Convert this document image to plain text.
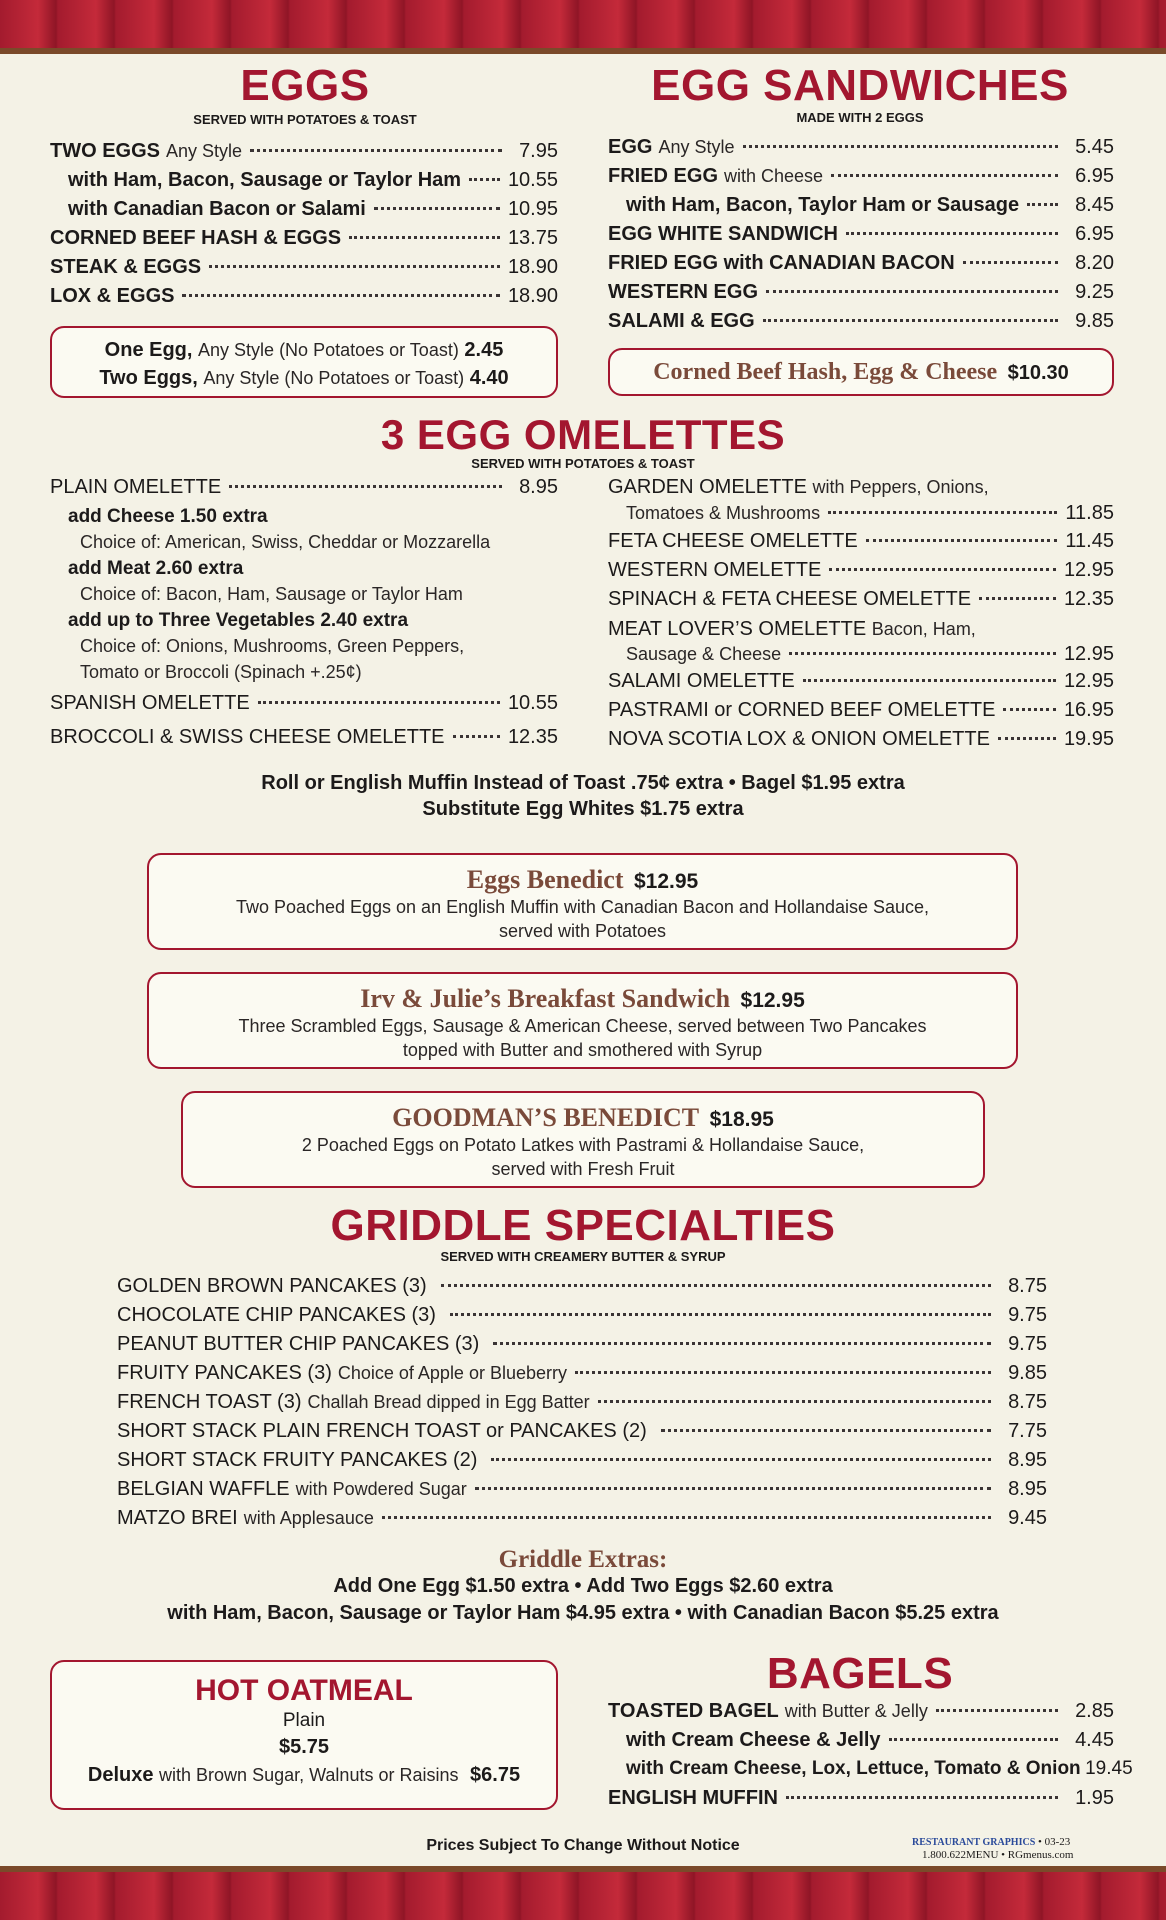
EGGS
SERVED WITH POTATOES & TOAST
TWO EGGS Any Style	7.95
with Ham, Bacon, Sausage or Taylor Ham 10.55
with Canadian Bacon or Salami	10.95
CORNED BEEF HASH & EGGS	13.75
STEAK & EGGS	18.90
LOX & EGGS	18.90
One Egg, Any Style (No Potatoes or Toast) 2.45
Two Eggs, Any Style (No Potatoes or Toast) 4.40
EGG SANDWICHES
MADE WITH 2 EGGS
EGG Any Style	5.45
FRIED EGG with Cheese	6.95
with Ham, Bacon, Taylor Ham or Sausage	8.45
EGG WHITE SANDWICH	6.95
FRIED EGG with CANADIAN BACON	8.20
WESTERN EGG	9.25
SALAMI & EGG	9.85
Corned Beef Hash, Egg & Cheese $10.30
3 EGG OMELETTES
SERVED WITH POTATOES & TOAST
PLAIN OMELETTE	8.95
add Cheese 1.50 extra
Choice of: American, Swiss, Cheddar or Mozzarella
add Meat 2.60 extra
Choice of: Bacon, Ham, Sausage or Taylor Ham
add up to Three Vegetables 2.40 extra
Choice of: Onions, Mushrooms, Green Peppers,
Tomato or Broccoli (Spinach +.25¢)
SPANISH OMELETTE	10.55
BROCCOLI & SWISS CHEESE OMELETTE	12.35
GARDEN OMELETTE with Peppers, Onions,
Tomatoes & Mushrooms	11.85
FETA CHEESE OMELETTE	11.45
WESTERN OMELETTE	12.95
SPINACH & FETA CHEESE OMELETTE	12.35
MEAT LOVER’S OMELETTE Bacon, Ham,
Sausage & Cheese	12.95
SALAMI OMELETTE	12.95
PASTRAMI or CORNED BEEF OMELETTE	16.95
NOVA SCOTIA LOX & ONION OMELETTE	19.95
Roll or English Muffin Instead of Toast .75¢ extra • Bagel $1.95 extra
Substitute Egg Whites $1.75 extra
Eggs Benedict $12.95
Two Poached Eggs on an English Muffin with Canadian Bacon and Hollandaise Sauce,
served with Potatoes
Irv & Julie’s Breakfast Sandwich $12.95
Three Scrambled Eggs, Sausage & American Cheese, served between Two Pancakes
topped with Butter and smothered with Syrup
GOODMAN’S BENEDICT $18.95
2 Poached Eggs on Potato Latkes with Pastrami & Hollandaise Sauce,
served with Fresh Fruit
GRIDDLE SPECIALTIES
SERVED WITH CREAMERY BUTTER & SYRUP
GOLDEN BROWN PANCAKES (3)	8.75
CHOCOLATE CHIP PANCAKES (3)	9.75
PEANUT BUTTER CHIP PANCAKES (3)	9.75
FRUITY PANCAKES (3) Choice of Apple or Blueberry	9.85
FRENCH TOAST (3) Challah Bread dipped in Egg Batter	8.75
SHORT STACK PLAIN FRENCH TOAST or PANCAKES (2)	7.75
SHORT STACK FRUITY PANCAKES (2)	8.95
BELGIAN WAFFLE with Powdered Sugar	8.95
MATZO BREI with Applesauce	9.45
Griddle Extras:
Add One Egg $1.50 extra • Add Two Eggs $2.60 extra
with Ham, Bacon, Sausage or Taylor Ham $4.95 extra • with Canadian Bacon $5.25 extra
HOT OATMEAL
Plain
$5.75
Deluxe with Brown Sugar, Walnuts or Raisins $6.75
BAGELS
TOASTED BAGEL with Butter & Jelly	2.85
with Cream Cheese & Jelly	4.45
with Cream Cheese, Lox, Lettuce, Tomato & Onion 19.45
ENGLISH MUFFIN	1.95
Prices Subject To Change Without Notice	RESTAURANT GRAPHICS • 03-23
1.800.622MENU • RGmenus.com
